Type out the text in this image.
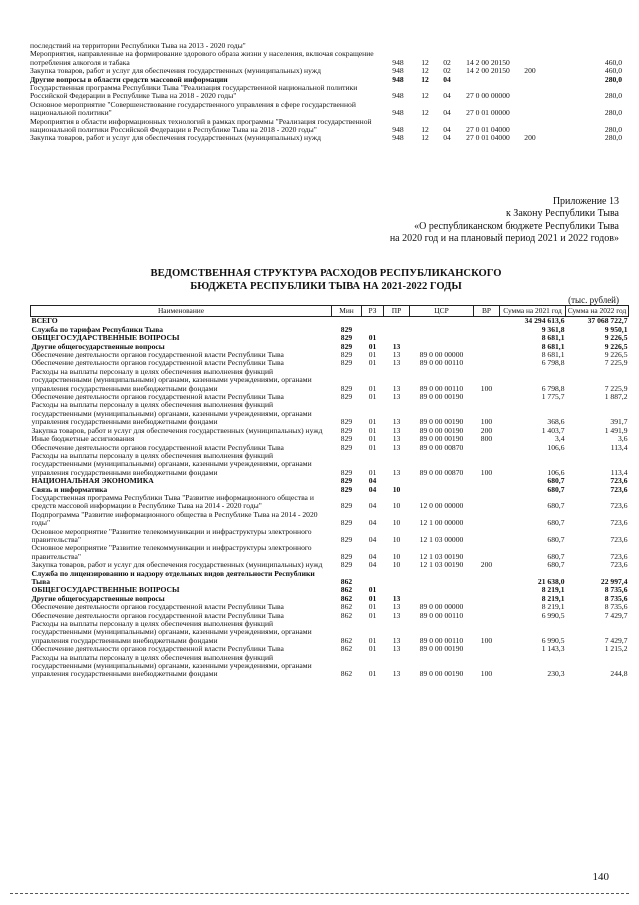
последствий на территории Республики Тыва на 2013 - 2020 годы"						
Мероприятия, направленные на формирование здорового образа жизни у населения, включая сокращение потребления алкоголя и табака	948	12	02	14 2 00 20150		460,0
Закупка товаров, работ и услуг для обеспечения государственных (муниципальных) нужд	948	12	02	14 2 00 20150	200	460,0
Другие вопросы в области средств массовой информации	948	12	04			280,0
Государственная программа Республики Тыва "Реализация государственной национальной политики Российской Федерации в Республике Тыва на 2018 - 2020 годы"	948	12	04	27 0 00 00000		280,0
Основное мероприятие "Совершенствование государственного управления в сфере государственной национальной политики"	948	12	04	27 0 01 00000		280,0
Мероприятия в области информационных технологий в рамках программы "Реализация государственной национальной политики Российской Федерации в Республике Тыва на 2018 - 2020 годы"	948	12	04	27 0 01 04000		280,0
Закупка товаров, работ и услуг для обеспечения государственных (муниципальных) нужд	948	12	04	27 0 01 04000	200	280,0
Приложение 13
к Закону Республики Тыва
«О республиканском бюджете Республики Тыва
на 2020 год и на плановый период 2021 и 2022 годов»
ВЕДОМСТВЕННАЯ СТРУКТУРА РАСХОДОВ РЕСПУБЛИКАНСКОГО
БЮДЖЕТА РЕСПУБЛИКИ ТЫВА НА 2021-2022 ГОДЫ
(тыс. рублей)
Наименование	Мин	РЗ	ПР	ЦСР	ВР	Сумма на 2021 год	Сумма на 2022 год
ВСЕГО						34 294 613,6	37 068 722,7
Служба по тарифам Республики Тыва	829					9 361,8	9 950,1
ОБЩЕГОСУДАРСТВЕННЫЕ ВОПРОСЫ	829	01				8 681,1	9 226,5
Другие общегосударственные вопросы	829	01	13			8 681,1	9 226,5
Обеспечение деятельности органов государственной власти Республики Тыва	829	01	13	89 0 00 00000		8 681,1	9 226,5
Обеспечение деятельности органов государственной власти Республики Тыва	829	01	13	89 0 00 00110		6 798,8	7 225,9
Расходы на выплаты персоналу в целях обеспечения выполнения функций государственными (муниципальными) органами, казенными учреждениями, органами управления государственными внебюджетными фондами	829	01	13	89 0 00 00110	100	6 798,8	7 225,9
Обеспечение деятельности органов государственной власти Республики Тыва	829	01	13	89 0 00 00190		1 775,7	1 887,2
Расходы на выплаты персоналу в целях обеспечения выполнения функций государственными (муниципальными) органами, казенными учреждениями, органами управления государственными внебюджетными фондами	829	01	13	89 0 00 00190	100	368,6	391,7
Закупка товаров, работ и услуг для обеспечения государственных (муниципальных) нужд	829	01	13	89 0 00 00190	200	1 403,7	1 491,9
Иные бюджетные ассигнования	829	01	13	89 0 00 00190	800	3,4	3,6
Обеспечение деятельности органов государственной власти Республики Тыва	829	01	13	89 0 00 00870		106,6	113,4
Расходы на выплаты персоналу в целях обеспечения выполнения функций государственными (муниципальными) органами, казенными учреждениями, органами управления государственными внебюджетными фондами	829	01	13	89 0 00 00870	100	106,6	113,4
НАЦИОНАЛЬНАЯ ЭКОНОМИКА	829	04				680,7	723,6
Связь и информатика	829	04	10			680,7	723,6
Государственная программа Республики Тыва "Развитие информационного общества и средств массовой информации в Республике Тыва на 2014 - 2020 годы"	829	04	10	12 0 00 00000		680,7	723,6
Подпрограмма "Развитие информационного общества в Республике Тыва на 2014 - 2020 годы"	829	04	10	12 1 00 00000		680,7	723,6
Основное мероприятие "Развитие телекоммуникации и инфраструктуры электронного правительства"	829	04	10	12 1 03 00000		680,7	723,6
Основное мероприятие "Развитие телекоммуникации и инфраструктуры электронного правительства"	829	04	10	12 1 03 00190		680,7	723,6
Закупка товаров, работ и услуг для обеспечения государственных (муниципальных) нужд	829	04	10	12 1 03 00190	200	680,7	723,6
Служба по лицензированию и надзору отдельных видов деятельности Республики Тыва	862					21 638,0	22 997,4
ОБЩЕГОСУДАРСТВЕННЫЕ ВОПРОСЫ	862	01				8 219,1	8 735,6
Другие общегосударственные вопросы	862	01	13			8 219,1	8 735,6
Обеспечение деятельности органов государственной власти Республики Тыва	862	01	13	89 0 00 00000		8 219,1	8 735,6
Обеспечение деятельности органов государственной власти Республики Тыва	862	01	13	89 0 00 00110		6 990,5	7 429,7
Расходы на выплаты персоналу в целях обеспечения выполнения функций государственными (муниципальными) органами, казенными учреждениями, органами управления государственными внебюджетными фондами	862	01	13	89 0 00 00110	100	6 990,5	7 429,7
Обеспечение деятельности органов государственной власти Республики Тыва	862	01	13	89 0 00 00190		1 143,3	1 215,2
Расходы на выплаты персоналу в целях обеспечения выполнения функций государственными (муниципальными) органами, казенными учреждениями, органами управления государственными внебюджетными фондами	862	01	13	89 0 00 00190	100	230,3	244,8
140
